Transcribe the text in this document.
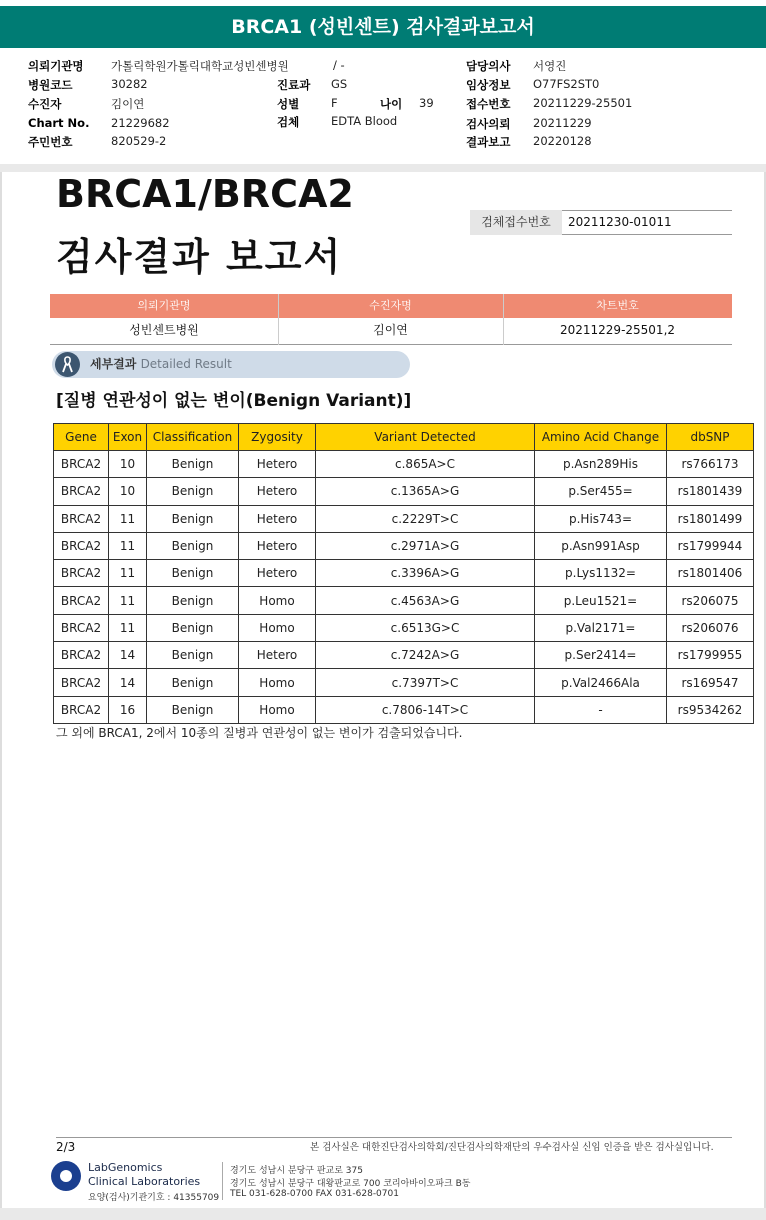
BRCA1 (성빈센트) 검사결과보고서
의뢰기관명 가톨릭학원가톨릭대학교성빈센병원	/ -
병원코드	30282
수진자	김이연
Chart No. 21229682
주민번호	820529-2
진료과 GS
성별	F	나이 39
검체	EDTA Blood
담당의사 서영진
임상정보 O77FS2ST0
접수번호 20211229-25501
검사의뢰 20211229
결과보고 20220128
BRCA1/BRCA2
검사결과 보고서
검체접수번호	20211230-01011
의뢰기관명	수진자명	차트번호
성빈센트병원	김이연	20211229-25501,2
세부결과 Detailed Result
[질병 연관성이 없는 변이(Benign Variant)]
Gene	Exon	Classification	Zygosity	Variant Detected	Amino Acid Change	dbSNP
BRCA2	10	Benign	Hetero	c.865A>C	p.Asn289His	rs766173
BRCA2	10	Benign	Hetero	c.1365A>G	p.Ser455=	rs1801439
BRCA2	11	Benign	Hetero	c.2229T>C	p.His743=	rs1801499
BRCA2	11	Benign	Hetero	c.2971A>G	p.Asn991Asp	rs1799944
BRCA2	11	Benign	Hetero	c.3396A>G	p.Lys1132=	rs1801406
BRCA2	11	Benign	Homo	c.4563A>G	p.Leu1521=	rs206075
BRCA2	11	Benign	Homo	c.6513G>C	p.Val2171=	rs206076
BRCA2	14	Benign	Hetero	c.7242A>G	p.Ser2414=	rs1799955
BRCA2	14	Benign	Homo	c.7397T>C	p.Val2466Ala	rs169547
BRCA2	16	Benign	Homo	c.7806-14T>C	-	rs9534262
그 외에 BRCA1, 2에서 10종의 질병과 연관성이 없는 변이가 검출되었습니다.
2/3	본 검사실은 대한진단검사의학회/진단검사의학재단의 우수검사실 신임 인증을 받은 검사실입니다.
LabGenomics
Clinical Laboratories
요양(검사)기관기호 : 41355709
경기도 성남시 분당구 판교로 375
경기도 성남시 분당구 대왕판교로 700 코리아바이오파크 B동
TEL 031-628-0700 FAX 031-628-0701
